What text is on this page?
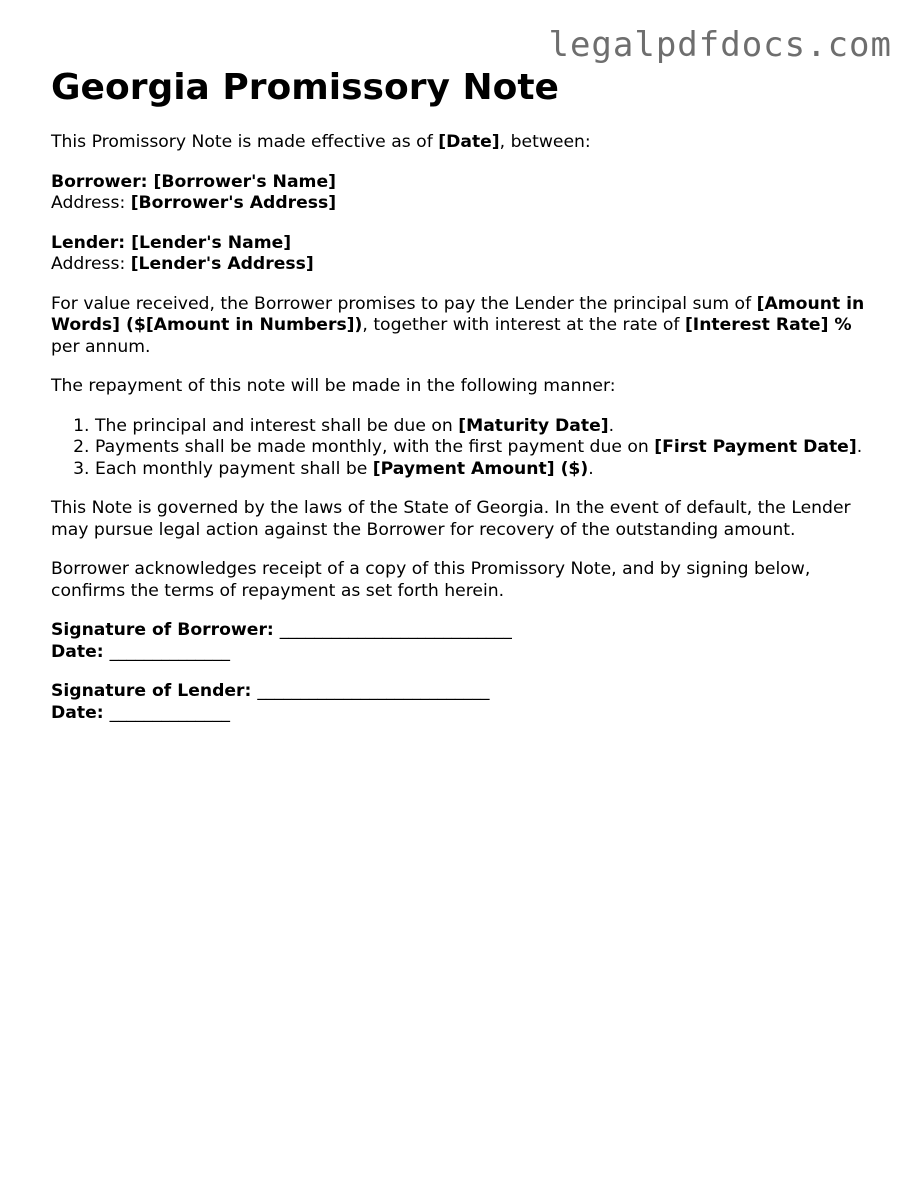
legalpdfdocs.com
Georgia Promissory Note

This Promissory Note is made effective as of [Date], between:

Borrower: [Borrower's Name]
Address: [Borrower's Address]

Lender: [Lender's Name]
Address: [Lender's Address]

For value received, the Borrower promises to pay the Lender the principal sum of [Amount in Words] ($[Amount in Numbers]), together with interest at the rate of [Interest Rate] % per annum.

The repayment of this note will be made in the following manner:

1. The principal and interest shall be due on [Maturity Date].
2. Payments shall be made monthly, with the first payment due on [First Payment Date].
3. Each monthly payment shall be [Payment Amount] ($).

This Note is governed by the laws of the State of Georgia. In the event of default, the Lender may pursue legal action against the Borrower for recovery of the outstanding amount.

Borrower acknowledges receipt of a copy of this Promissory Note, and by signing below, confirms the terms of repayment as set forth herein.

Signature of Borrower: ___________________________
Date: ______________

Signature of Lender: ___________________________
Date: ______________
